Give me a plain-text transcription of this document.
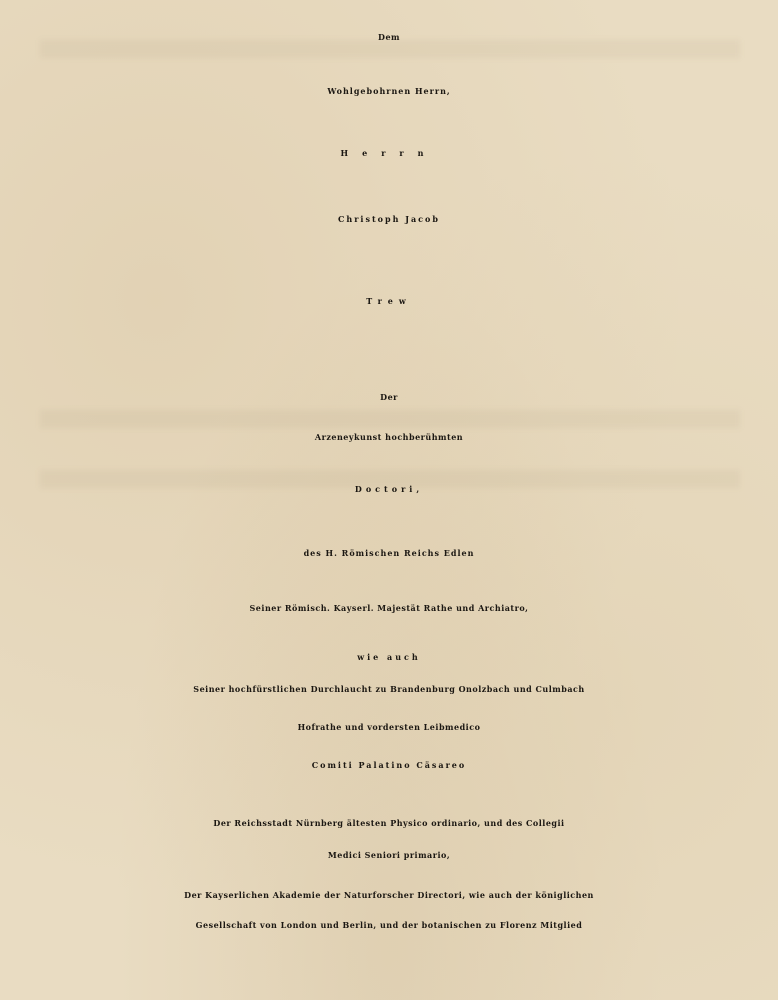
Dem
Wohlgebohrnen Herrn,
Herrn
Christoph Jacob
Trew
Der
Arzeneykunst hochberühmten
Doctori,
des H. Römischen Reichs Edlen
Seiner Römisch. Kayserl. Majestät Rathe und Archiatro,
wie auch
Seiner hochfürstlichen Durchlaucht zu Brandenburg Onolzbach und Culmbach
Hofrathe und vordersten Leibmedico
Comiti Palatino Cäsareo
Der Reichsstadt Nürnberg ältesten Physico ordinario, und des Collegii
Medici Seniori primario,
Der Kayserlichen Akademie der Naturforscher Directori, wie auch der königlichen
Gesellschaft von London und Berlin, und der botanischen zu Florenz Mitglied
